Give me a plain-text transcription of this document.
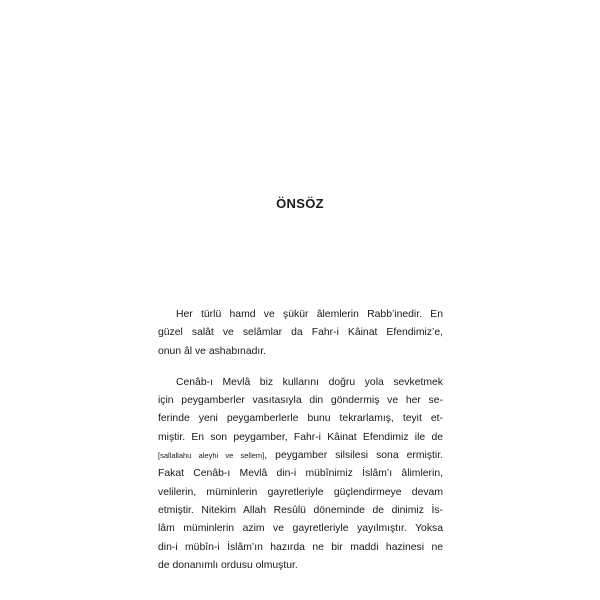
ÖNSÖZ

Her türlü hamd ve şükür âlemlerin Rabb’inedir. En
güzel salât ve selâmlar da Fahr-i Kâinat Efendimiz’e,
onun âl ve ashabınadır.

Cenâb-ı Mevlâ biz kullarını doğru yola sevketmek
için peygamberler vasıtasıyla din göndermiş ve her se-
ferinde yeni peygamberlerle bunu tekrarlamış, teyit et-
miştir. En son peygamber, Fahr-i Kâinat Efendimiz ile de
[sallallahu aleyhi ve sellem], peygamber silsilesi sona ermiştir.
Fakat Cenâb-ı Mevlâ din-i mübînimiz İslâm’ı âlimlerin,
velilerin, müminlerin gayretleriyle güçlendirmeye devam
etmiştir. Nitekim Allah Resûlü döneminde de dinimiz İs-
lâm müminlerin azim ve gayretleriyle yayılmıştır. Yoksa
din-i mübîn-i İslâm’ın hazırda ne bir maddi hazinesi ne
de donanımlı ordusu olmuştur.
